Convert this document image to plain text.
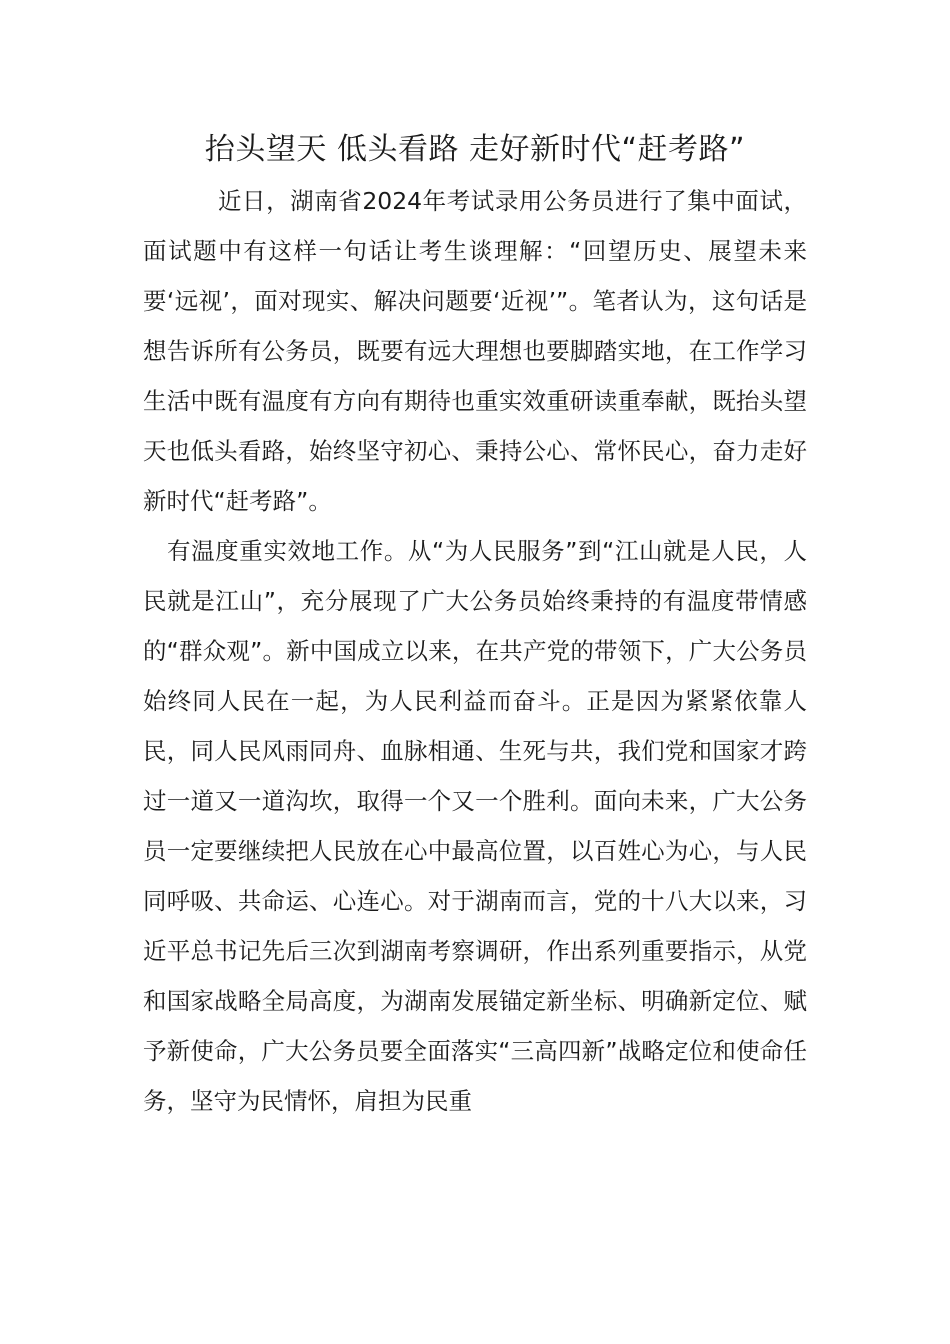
抬头望天 低头看路 走好新时代“赶考路”

近日，湖南省2024年考试录用公务员进行了集中面试，面试题中有这样一句话让考生谈理解：“回望历史、展望未来要‘远视’，面对现实、解决问题要‘近视’”。笔者认为，这句话是想告诉所有公务员，既要有远大理想也要脚踏实地，在工作学习生活中既有温度有方向有期待也重实效重研读重奉献，既抬头望天也低头看路，始终坚守初心、秉持公心、常怀民心，奋力走好新时代“赶考路”。

有温度重实效地工作。从“为人民服务”到“江山就是人民，人民就是江山”，充分展现了广大公务员始终秉持的有温度带情感的“群众观”。新中国成立以来，在共产党的带领下，广大公务员始终同人民在一起，为人民利益而奋斗。正是因为紧紧依靠人民，同人民风雨同舟、血脉相通、生死与共，我们党和国家才跨过一道又一道沟坎，取得一个又一个胜利。面向未来，广大公务员一定要继续把人民放在心中最高位置，以百姓心为心，与人民同呼吸、共命运、心连心。对于湖南而言，党的十八大以来，习近平总书记先后三次到湖南考察调研，作出系列重要指示，从党和国家战略全局高度，为湖南发展锚定新坐标、明确新定位、赋予新使命，广大公务员要全面落实“三高四新”战略定位和使命任务，坚守为民情怀，肩担为民重
